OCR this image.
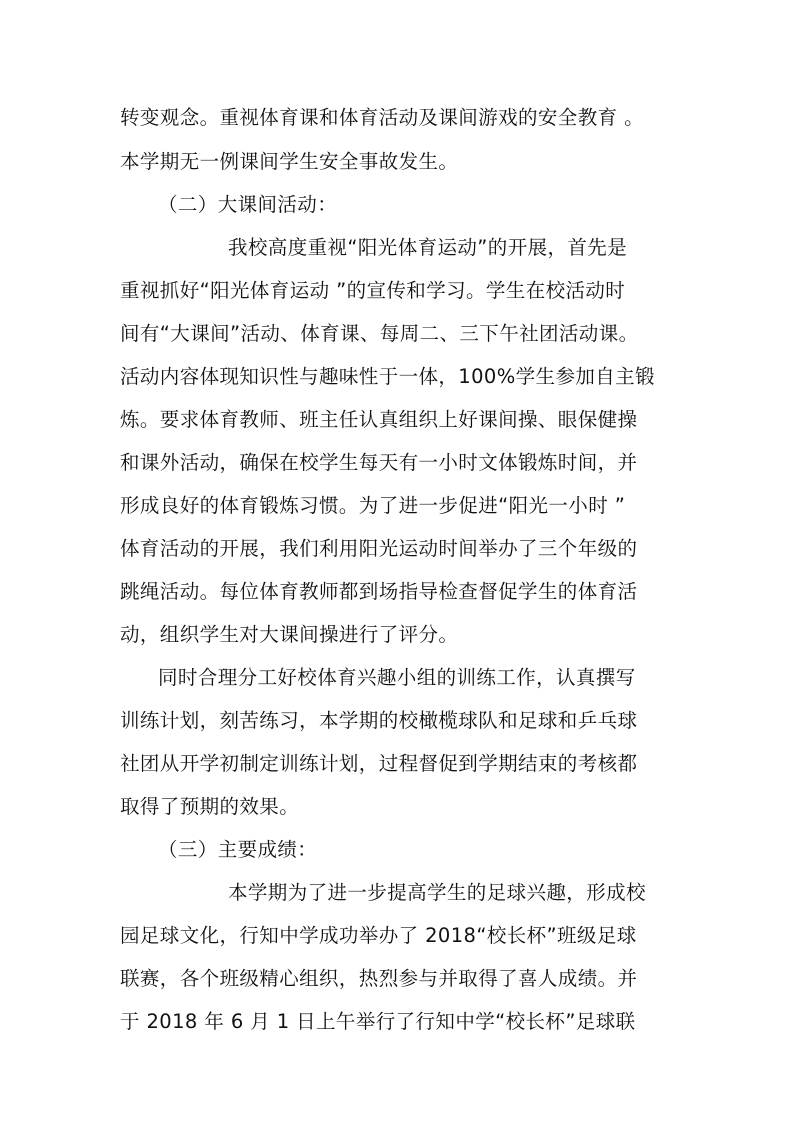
转变观念。重视体育课和体育活动及课间游戏的安全教育 。
本学期无一例课间学生安全事故发生。
（二）大课间活动：
我校高度重视“阳光体育运动”的开展，首先是
重视抓好“阳光体育运动 ”的宣传和学习。学生在校活动时
间有“大课间”活动、体育课、每周二、三下午社团活动课。
活动内容体现知识性与趣味性于一体，100%学生参加自主锻
炼。要求体育教师、班主任认真组织上好课间操、眼保健操
和课外活动，确保在校学生每天有一小时文体锻炼时间，并
形成良好的体育锻炼习惯。为了进一步促进“阳光一小时 ”
体育活动的开展，我们利用阳光运动时间举办了三个年级的
跳绳活动。每位体育教师都到场指导检查督促学生的体育活
动，组织学生对大课间操进行了评分。
同时合理分工好校体育兴趣小组的训练工作，认真撰写
训练计划，刻苦练习，本学期的校橄榄球队和足球和乒乓球
社团从开学初制定训练计划，过程督促到学期结束的考核都
取得了预期的效果。
（三）主要成绩：
本学期为了进一步提高学生的足球兴趣，形成校
园足球文化，行知中学成功举办了 2018“校长杯”班级足球
联赛，各个班级精心组织，热烈参与并取得了喜人成绩。并
于 2018 年 6 月 1 日上午举行了行知中学“校长杯”足球联
